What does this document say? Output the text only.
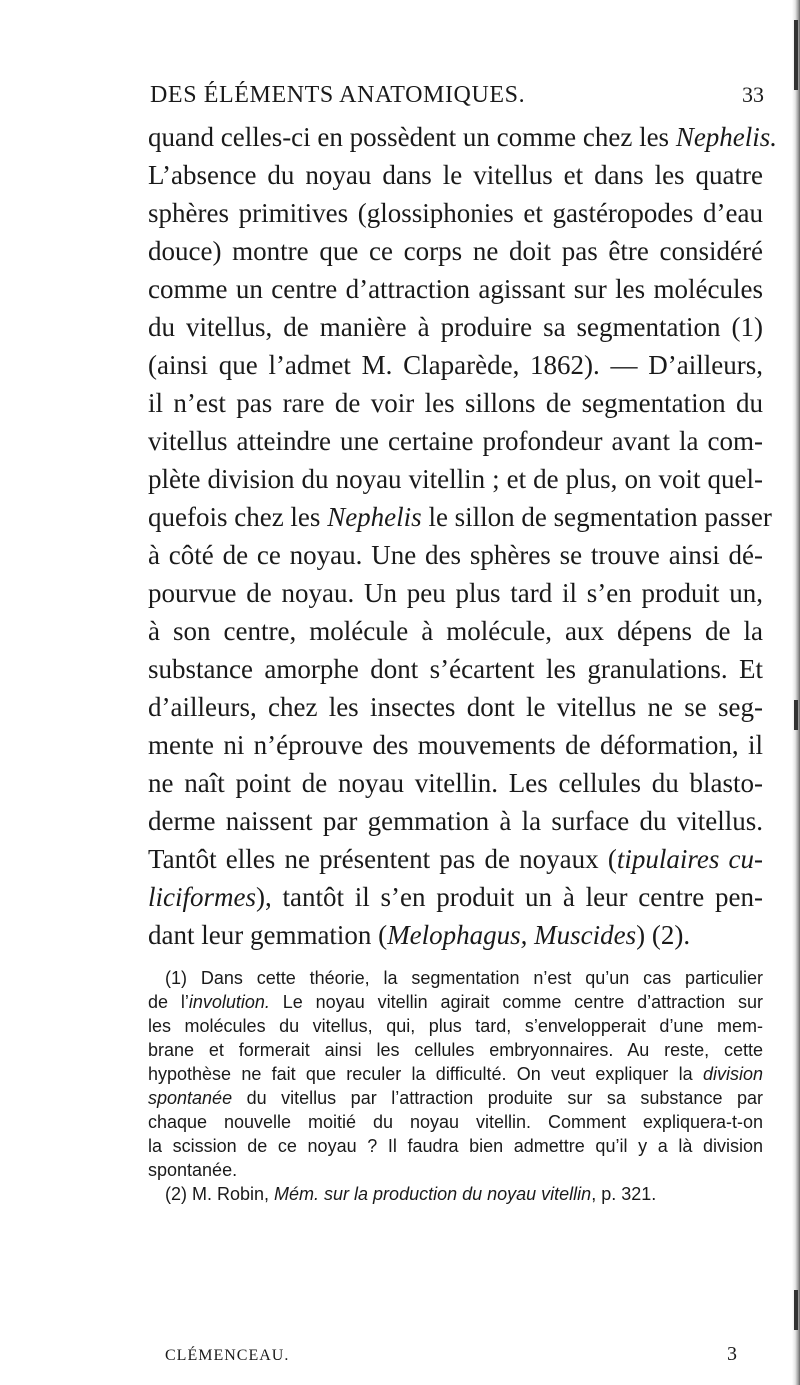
DES ÉLÉMENTS ANATOMIQUES.	33
quand celles-ci en possèdent un comme chez les Nephelis.
L’absence du noyau dans le vitellus et dans les quatre
sphères primitives (glossiphonies et gastéropodes d’eau
douce) montre que ce corps ne doit pas être considéré
comme un centre d’attraction agissant sur les molécules
du vitellus, de manière à produire sa segmentation (1)
(ainsi que l’admet M. Claparède, 1862). — D’ailleurs,
il n’est pas rare de voir les sillons de segmentation du
vitellus atteindre une certaine profondeur avant la com-
plète division du noyau vitellin ; et de plus, on voit quel-
quefois chez les Nephelis le sillon de segmentation passer
à côté de ce noyau. Une des sphères se trouve ainsi dé-
pourvue de noyau. Un peu plus tard il s’en produit un,
à son centre, molécule à molécule, aux dépens de la
substance amorphe dont s’écartent les granulations. Et
d’ailleurs, chez les insectes dont le vitellus ne se seg-
mente ni n’éprouve des mouvements de déformation, il
ne naît point de noyau vitellin. Les cellules du blasto-
derme naissent par gemmation à la surface du vitellus.
Tantôt elles ne présentent pas de noyaux (tipulaires cu-
liciformes), tantôt il s’en produit un à leur centre pen-
dant leur gemmation (Melophagus, Muscides) (2).
(1) Dans cette théorie, la segmentation n’est qu’un cas particulier
de l’involution. Le noyau vitellin agirait comme centre d’attraction sur
les molécules du vitellus, qui, plus tard, s’envelopperait d’une mem-
brane et formerait ainsi les cellules embryonnaires. Au reste, cette
hypothèse ne fait que reculer la difficulté. On veut expliquer la division
spontanée du vitellus par l’attraction produite sur sa substance par
chaque nouvelle moitié du noyau vitellin. Comment expliquera-t-on
la scission de ce noyau ? Il faudra bien admettre qu’il y a là division
spontanée.
(2) M. Robin, Mém. sur la production du noyau vitellin, p. 321.
CLÉMENCEAU.	3
